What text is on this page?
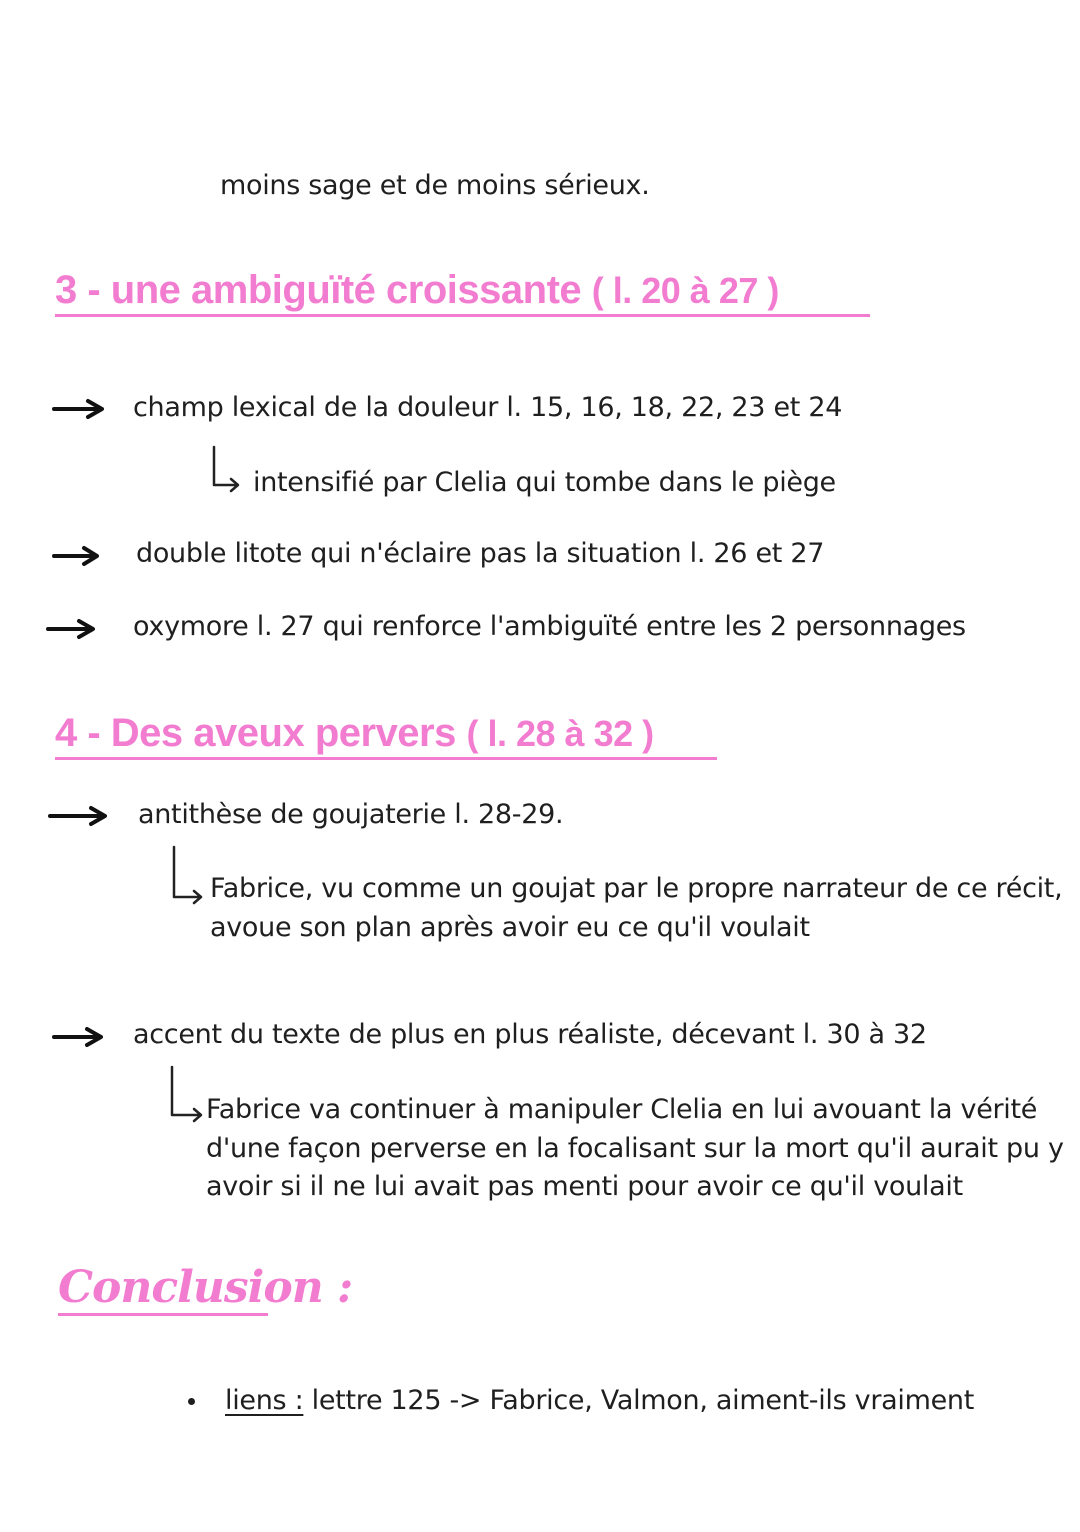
moins sage et de moins sérieux.
3 - une ambiguïté croissante ( l. 20 à 27 )
champ lexical de la douleur l. 15, 16, 18, 22, 23 et 24
intensifié par Clelia qui tombe dans le piège
double litote qui n'éclaire pas la situation l. 26 et 27
oxymore l. 27 qui renforce l'ambiguïté entre les 2 personnages
4 - Des aveux pervers ( l. 28 à 32 )
antithèse de goujaterie l. 28-29.
Fabrice, vu comme un goujat par le propre narrateur de ce récit,
avoue son plan après avoir eu ce qu'il voulait
accent du texte de plus en plus réaliste, décevant l. 30 à 32
Fabrice va continuer à manipuler Clelia en lui avouant la vérité
d'une façon perverse en la focalisant sur la mort qu'il aurait pu y
avoir si il ne lui avait pas menti pour avoir ce qu'il voulait
Conclusion :
liens : lettre 125 -> Fabrice, Valmon, aiment-ils vraiment
